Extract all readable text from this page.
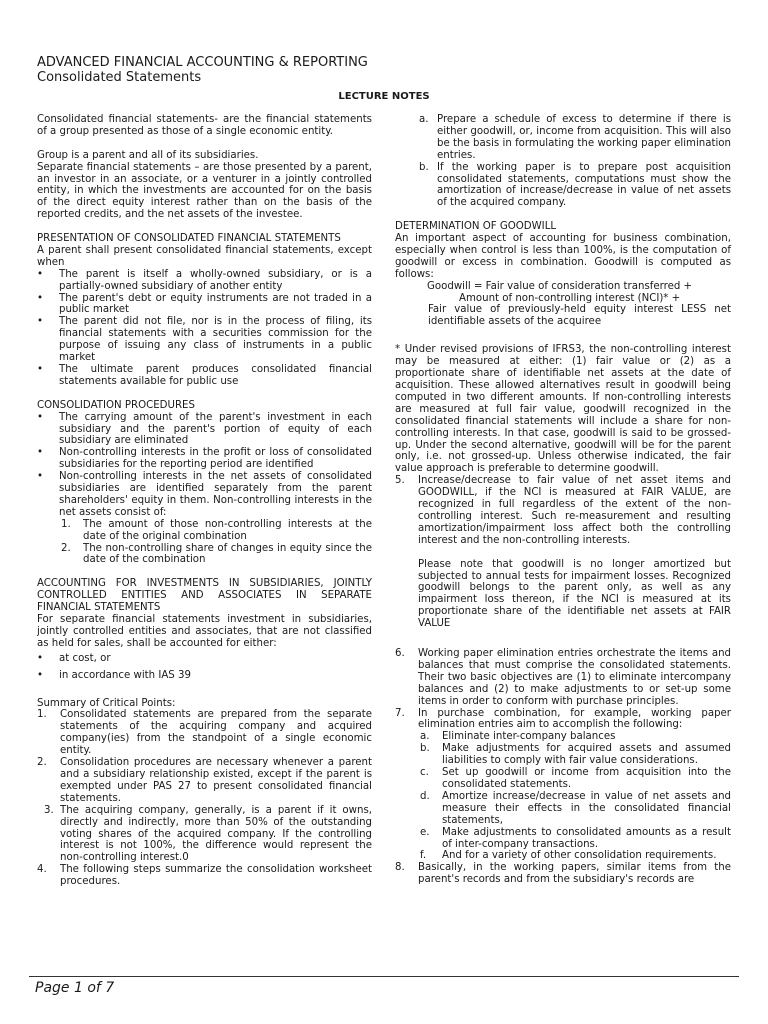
ADVANCED FINANCIAL ACCOUNTING & REPORTING
Consolidated Statements
LECTURE NOTES

Consolidated financial statements- are the financial statements of a group presented as those of a single economic entity.

Group is a parent and all of its subsidiaries.

Separate financial statements – are those presented by a parent, an investor in an associate, or a venturer in a jointly controlled entity, in which the investments are accounted for on the basis of the direct equity interest rather than on the basis of the reported credits, and the net assets of the investee.

PRESENTATION OF CONSOLIDATED FINANCIAL STATEMENTS

A parent shall present consolidated financial statements, except when

• The parent is itself a wholly-owned subsidiary, or is a partially-owned subsidiary of another entity
• The parent's debt or equity instruments are not traded in a public market
• The parent did not file, nor is in the process of filing, its financial statements with a securities commission for the purpose of issuing any class of instruments in a public market
• The ultimate parent produces consolidated financial statements available for public use

CONSOLIDATION PROCEDURES

• The carrying amount of the parent's investment in each subsidiary and the parent's portion of equity of each subsidiary are eliminated
• Non-controlling interests in the profit or loss of consolidated subsidiaries for the reporting period are identified
• Non-controlling interests in the net assets of consolidated subsidiaries are identified separately from the parent shareholders' equity in them. Non-controlling interests in the net assets consist of:
1. The amount of those non-controlling interests at the date of the original combination
2. The non-controlling share of changes in equity since the date of the combination

ACCOUNTING FOR INVESTMENTS IN SUBSIDIARIES, JOINTLY CONTROLLED ENTITIES AND ASSOCIATES IN SEPARATE FINANCIAL STATEMENTS

For separate financial statements investment in subsidiaries, jointly controlled entities and associates, that are not classified as held for sales, shall be accounted for either:

• at cost, or
• in accordance with IAS 39

Summary of Critical Points:

1. Consolidated statements are prepared from the separate statements of the acquiring company and acquired company(ies) from the standpoint of a single economic entity.
2. Consolidation procedures are necessary whenever a parent and a subsidiary relationship existed, except if the parent is exempted under PAS 27 to present consolidated financial statements.
3. The acquiring company, generally, is a parent if it owns, directly and indirectly, more than 50% of the outstanding voting shares of the acquired company. If the controlling interest is not 100%, the difference would represent the non-controlling interest.0
4. The following steps summarize the consolidation worksheet procedures.
a. Prepare a schedule of excess to determine if there is either goodwill, or, income from acquisition. This will also be the basis in formulating the working paper elimination entries.
b. If the working paper is to prepare post acquisition consolidated statements, computations must show the amortization of increase/decrease in value of net assets of the acquired company.

DETERMINATION OF GOODWILL

An important aspect of accounting for business combination, especially when control is less than 100%, is the computation of goodwill or excess in combination. Goodwill is computed as follows:

Goodwill = Fair value of consideration transferred +

Amount of non-controlling interest (NCI)* +

Fair value of previously-held equity interest LESS net identifiable assets of the acquiree

* Under revised provisions of IFRS3, the non-controlling interest may be measured at either: (1) fair value or (2) as a proportionate share of identifiable net assets at the date of acquisition. These allowed alternatives result in goodwill being computed in two different amounts. If non-controlling interests are measured at full fair value, goodwill recognized in the consolidated financial statements will include a share for non-controlling interests. In that case, goodwill is said to be grossed-up. Under the second alternative, goodwill will be for the parent only, i.e. not grossed-up. Unless otherwise indicated, the fair value approach is preferable to determine goodwill.

5. Increase/decrease to fair value of net asset items and GOODWILL, if the NCI is measured at FAIR VALUE, are recognized in full regardless of the extent of the non-controlling interest. Such re-measurement and resulting amortization/impairment loss affect both the controlling interest and the non-controlling interests.

Please note that goodwill is no longer amortized but subjected to annual tests for impairment losses. Recognized goodwill belongs to the parent only, as well as any impairment loss thereon, if the NCI is measured at its proportionate share of the identifiable net assets at FAIR VALUE

6. Working paper elimination entries orchestrate the items and balances that must comprise the consolidated statements. Their two basic objectives are (1) to eliminate intercompany balances and (2) to make adjustments to or set-up some items in order to conform with purchase principles.
7. In purchase combination, for example, working paper elimination entries aim to accomplish the following:
a. Eliminate inter-company balances
b. Make adjustments for acquired assets and assumed liabilities to comply with fair value considerations.
c. Set up goodwill or income from acquisition into the consolidated statements.
d. Amortize increase/decrease in value of net assets and measure their effects in the consolidated financial statements,
e. Make adjustments to consolidated amounts as a result of inter-company transactions.
f. And for a variety of other consolidation requirements.
8. Basically, in the working papers, similar items from the parent's records and from the subsidiary's records are
Page 1 of 7
